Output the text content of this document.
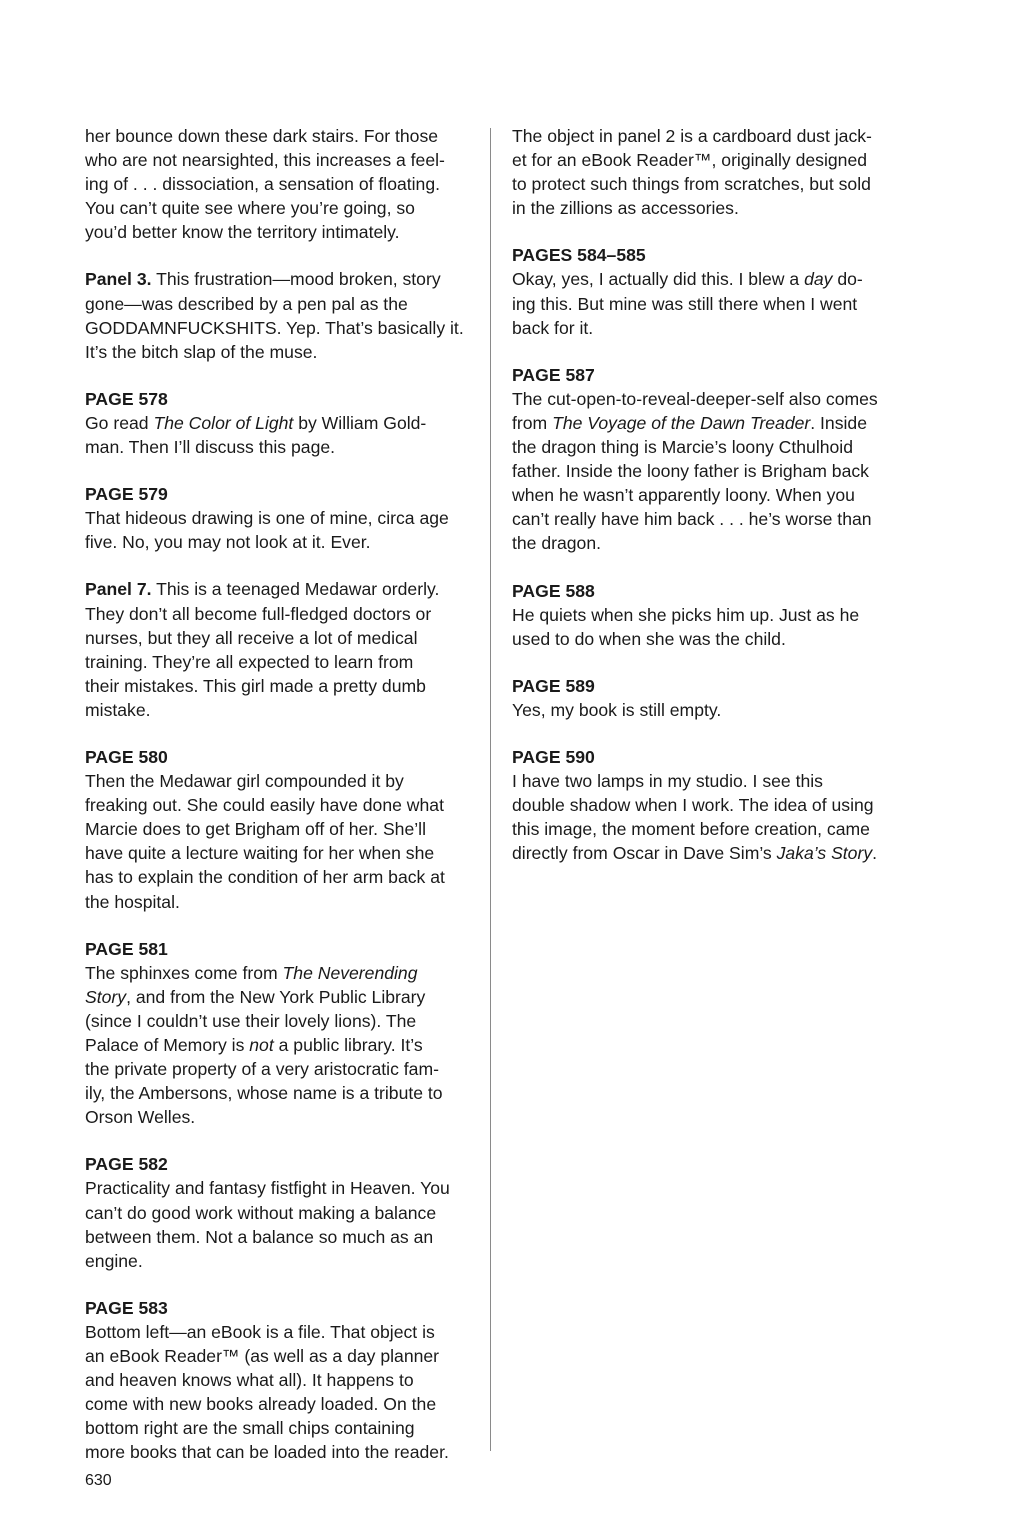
her bounce down these dark stairs. For those
who are not nearsighted, this increases a feel-
ing of . . . dissociation, a sensation of floating.
You can’t quite see where you’re going, so
you’d better know the territory intimately.
Panel 3. This frustration—mood broken, story
gone—was described by a pen pal as the
GODDAMNFUCKSHITS. Yep. That’s basically it.
It’s the bitch slap of the muse.
PAGE 578
Go read The Color of Light by William Gold-
man. Then I’ll discuss this page.
PAGE 579
That hideous drawing is one of mine, circa age
five. No, you may not look at it. Ever.
Panel 7. This is a teenaged Medawar orderly.
They don’t all become full-fledged doctors or
nurses, but they all receive a lot of medical
training. They’re all expected to learn from
their mistakes. This girl made a pretty dumb
mistake.
PAGE 580
Then the Medawar girl compounded it by
freaking out. She could easily have done what
Marcie does to get Brigham off of her. She’ll
have quite a lecture waiting for her when she
has to explain the condition of her arm back at
the hospital.
PAGE 581
The sphinxes come from The Neverending
Story, and from the New York Public Library
(since I couldn’t use their lovely lions). The
Palace of Memory is not a public library. It’s
the private property of a very aristocratic fam-
ily, the Ambersons, whose name is a tribute to
Orson Welles.
PAGE 582
Practicality and fantasy fistfight in Heaven. You
can’t do good work without making a balance
between them. Not a balance so much as an
engine.
PAGE 583
Bottom left—an eBook is a file. That object is
an eBook Reader™ (as well as a day planner
and heaven knows what all). It happens to
come with new books already loaded. On the
bottom right are the small chips containing
more books that can be loaded into the reader.
The object in panel 2 is a cardboard dust jack-
et for an eBook Reader™, originally designed
to protect such things from scratches, but sold
in the zillions as accessories.
PAGES 584–585
Okay, yes, I actually did this. I blew a day do-
ing this. But mine was still there when I went
back for it.
PAGE 587
The cut-open-to-reveal-deeper-self also comes
from The Voyage of the Dawn Treader. Inside
the dragon thing is Marcie’s loony Cthulhoid
father. Inside the loony father is Brigham back
when he wasn’t apparently loony. When you
can’t really have him back . . . he’s worse than
the dragon.
PAGE 588
He quiets when she picks him up. Just as he
used to do when she was the child.
PAGE 589
Yes, my book is still empty.
PAGE 590
I have two lamps in my studio. I see this
double shadow when I work. The idea of using
this image, the moment before creation, came
directly from Oscar in Dave Sim’s Jaka’s Story.
630
